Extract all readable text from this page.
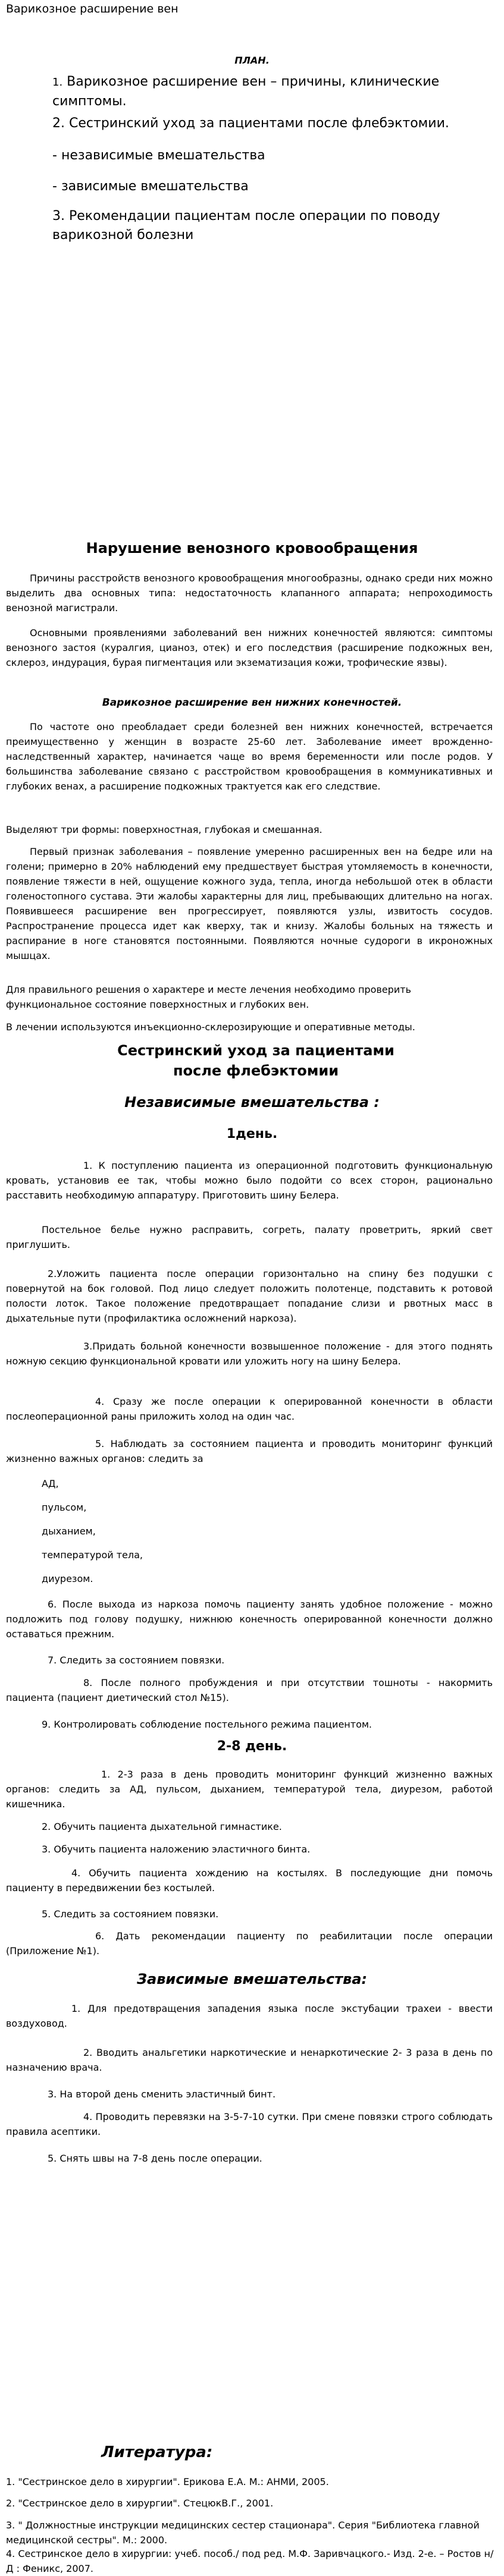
Варикозное расширение вен
ПЛАН.
1. Варикозное расширение вен – причины, клинические симптомы.
2. Сестринский уход за пациентами после флебэктомии.
- независимые вмешательства
- зависимые вмешательства
3. Рекомендации пациентам после операции по поводу варикозной болезни
Нарушение венозного кровообращения
Причины расстройств венозного кровообращения многообразны, однако среди них можно выделить два основных типа: недостаточность клапанного аппарата; непроходимость венозной магистрали.
Основными проявлениями заболеваний вен нижних конечностей являются: симптомы венозного застоя (куралгия, цианоз, отек) и его последствия (расширение подкожных вен, склероз, индурация, бурая пигментация или экзематизация кожи, трофические язвы).
Варикозное расширение вен нижних конечностей.
По частоте оно преобладает среди болезней вен нижних конечностей, встречается преимущественно у женщин в возрасте 25-60 лет. Заболевание имеет врожденно-наследственный характер, начинается чаще во время беременности или после родов. У большинства заболевание связано с расстройством кровообращения в коммуникативных и глубоких венах, а расширение подкожных трактуется как его следствие.
Выделяют три формы: поверхностная, глубокая и смешанная.
Первый признак заболевания – появление умеренно расширенных вен на бедре или на голени; примерно в 20% наблюдений ему предшествует быстрая утомляемость в конечности, появление тяжести в ней, ощущение кожного зуда, тепла, иногда небольшой отек в области голеностопного сустава. Эти жалобы характерны для лиц, пребывающих длительно на ногах. Появившееся расширение вен прогрессирует, появляются узлы, извитость сосудов. Распространение процесса идет как кверху, так и книзу. Жалобы больных на тяжесть и распирание в ноге становятся постоянными. Появляются ночные судороги в икроножных мышцах.
Для правильного решения о характере и месте лечения необходимо проверить функциональное состояние поверхностных и глубоких вен.
В лечении используются инъекционно-склерозирующие и оперативные методы.
Сестринский уход за пациентами после флебэктомии
Независимые вмешательства :
1день.
1. К поступлению пациента из операционной подготовить функциональную кровать, установив ее так, чтобы можно было подойти со всех сторон, рационально расставить необходимую аппаратуру. Приготовить шину Белера.
Постельное белье нужно расправить, согреть, палату проветрить, яркий свет приглушить.
2.Уложить пациента после операции горизонтально на спину без подушки с повернутой на бок головой. Под лицо следует положить полотенце, подставить к ротовой полости лоток. Такое положение предотвращает попадание слизи и рвотных масс в дыхательные пути (профилактика осложнений наркоза).
3.Придать больной конечности возвышенное положение - для этого поднять ножную секцию функциональной кровати или уложить ногу на шину Белера.
4. Сразу же после операции к оперированной конечности в области послеоперационной раны приложить холод на один час.
5. Наблюдать за состоянием пациента и проводить мониторинг функций жизненно важных органов: следить за
АД,
пульсом,
дыханием,
температурой тела,
диурезом.
6. После выхода из наркоза помочь пациенту занять удобное положение - можно подложить под голову подушку, нижнюю конечность оперированной конечности должно оставаться прежним.
7. Следить за состоянием повязки.
8. После полного пробуждения и при отсутствии тошноты - накормить пациента (пациент диетический стол №15).
9. Контролировать соблюдение постельного режима пациентом.
2-8 день.
1. 2-3 раза в день проводить мониторинг функций жизненно важных органов: следить за АД, пульсом, дыханием, температурой тела, диурезом, работой кишечника.
2. Обучить пациента дыхательной гимнастике.
3. Обучить пациента наложению эластичного бинта.
4. Обучить пациента хождению на костылях. В последующие дни помочь пациенту в передвижении без костылей.
5. Следить за состоянием повязки.
6. Дать рекомендации пациенту по реабилитации после операции (Приложение №1).
Зависимые вмешательства:
1. Для предотвращения западения языка после экстубации трахеи - ввести воздуховод.
2. Вводить анальгетики наркотические и ненаркотические 2- 3 раза в день по назначению врача.
3. На второй день сменить эластичный бинт.
4. Проводить перевязки на 3-5-7-10 сутки. При смене повязки строго соблюдать правила асептики.
5. Снять швы на 7-8 день после операции.
Литература:
1. "Сестринское дело в хирургии". Ерикова Е.А. М.: АНМИ, 2005.
2. "Сестринское дело в хирургии". СтецюкВ.Г., 2001.
3. " Должностные инструкции медицинских сестер стационара". Серия "Библиотека главной медицинской сестры". М.: 2000.
4. Сестринское дело в хирургии: учеб. пособ./ под ред. М.Ф. Заривчацкого.- Изд. 2-е. – Ростов н/Д : Феникс, 2007.
